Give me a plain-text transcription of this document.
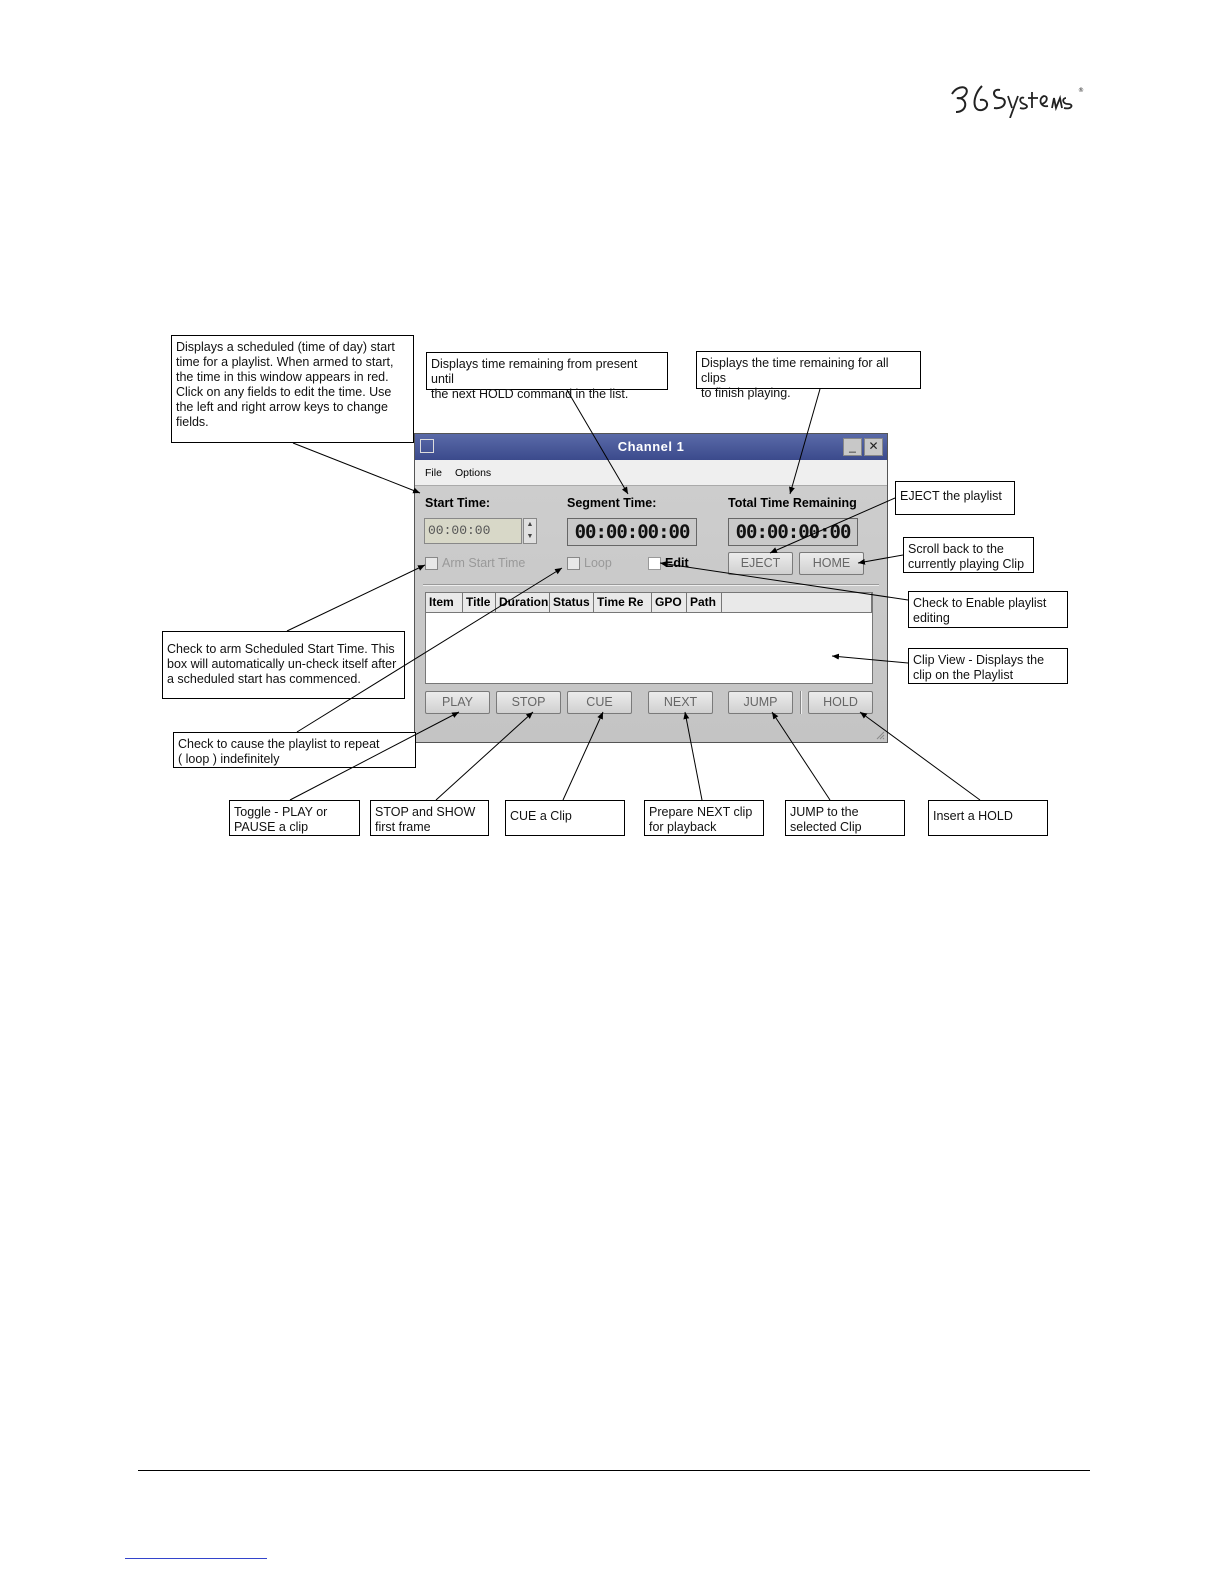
®
Channel 1	_	✕
File Options
Start Time:	Segment Time:	Total Time Remaining
00:00:00	▲
▼	00:00:00:00	00:00:00:00
Arm Start Time	Loop	Edit	EJECT	HOME
Item	Title Duration Status Time Re GPO Path
PLAY	STOP	CUE	NEXT	JUMP	HOLD
Displays a scheduled (time of day) start
time for a playlist. When armed to start,
the time in this window appears in red.
Click on any fields to edit the time. Use
the left and right arrow keys to change
fields.
Displays time remaining from present until
the next HOLD command in the list.
Displays the time remaining for all clips
to finish playing.
EJECT the playlist
Scroll back to the
currently playing Clip
Check to Enable playlist
editing
Clip View - Displays the
clip on the Playlist
Check to arm Scheduled Start Time. This
box will automatically un-check itself after
a scheduled start has commenced.
Check to cause the playlist to repeat
( loop ) indefinitely
Toggle - PLAY or
PAUSE a clip
STOP and SHOW
first frame
CUE a Clip	Prepare NEXT clip
for playback
JUMP to the
selected Clip
Insert a HOLD
